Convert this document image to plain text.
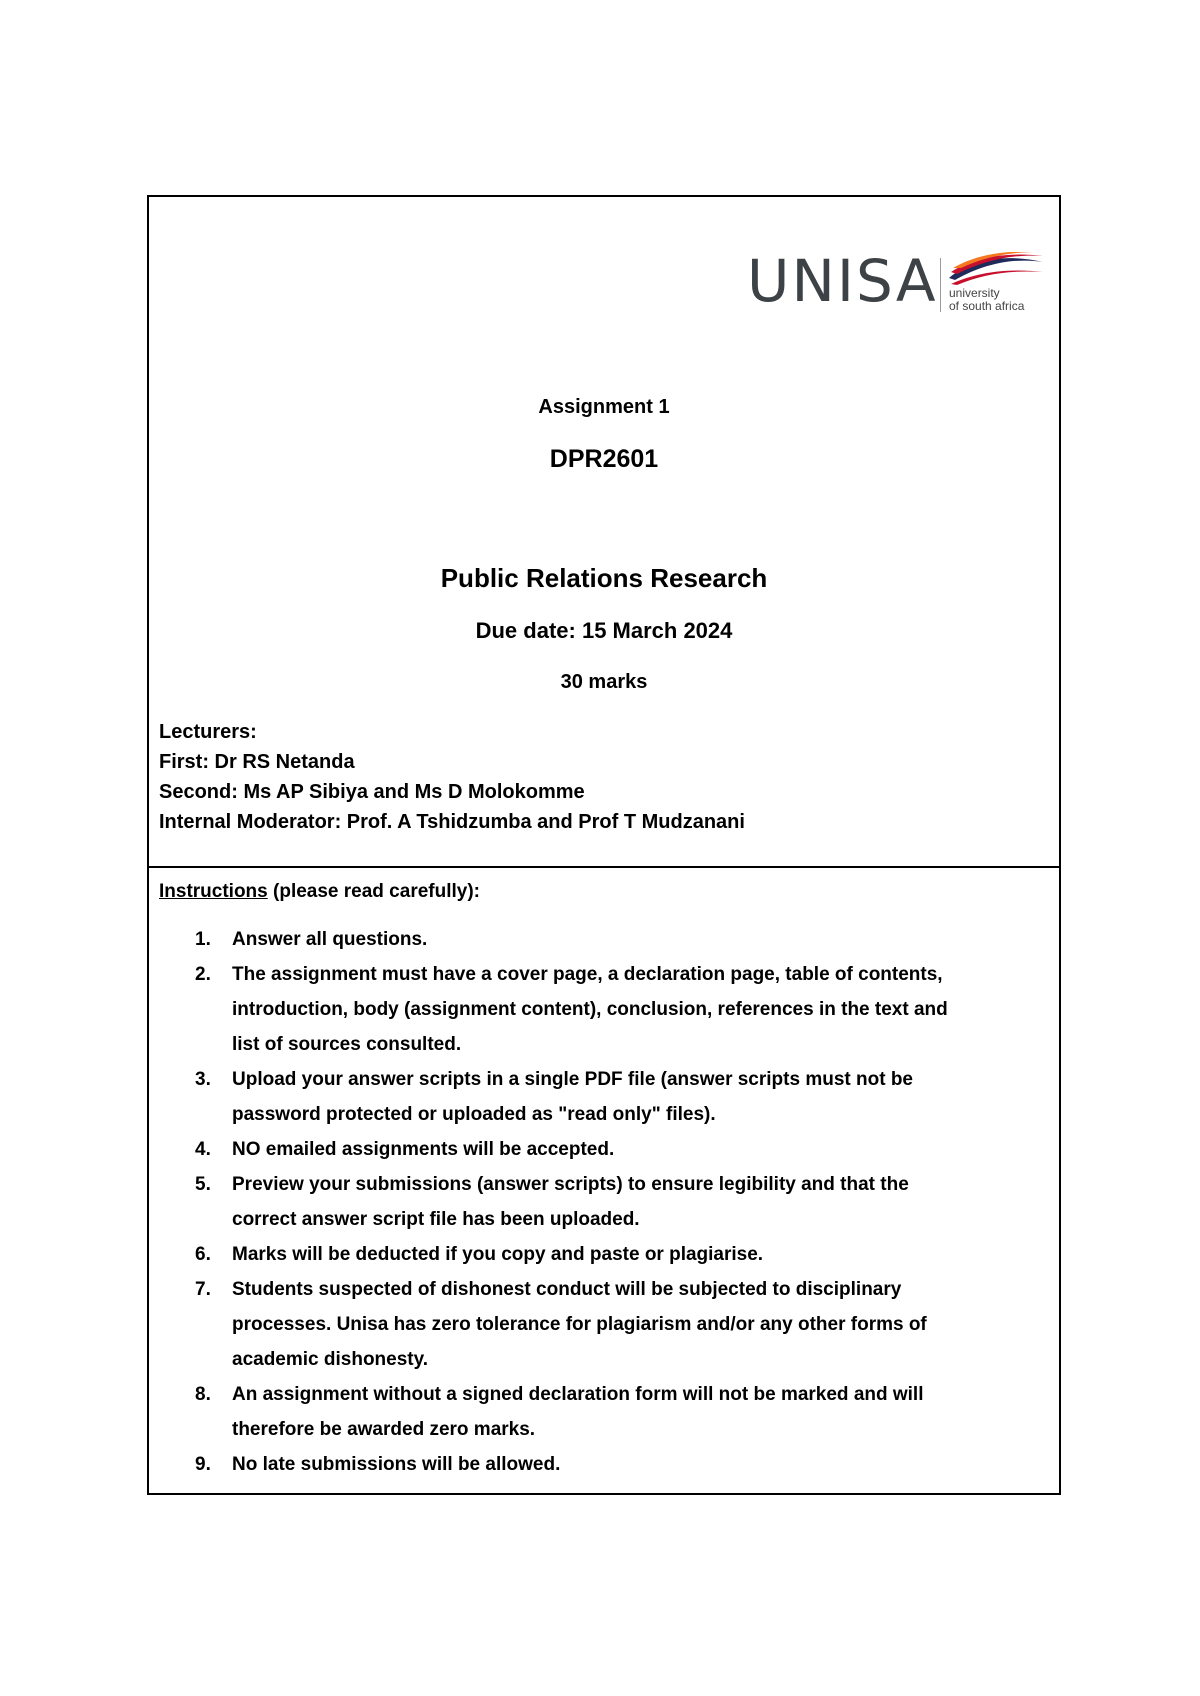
UNISA university
of south africa
Assignment 1
DPR2601
Public Relations Research
Due date: 15 March 2024
30 marks
Lecturers:
First: Dr RS Netanda
Second: Ms AP Sibiya and Ms D Molokomme
Internal Moderator: Prof. A Tshidzumba and Prof T Mudzanani
Instructions (please read carefully):
1. Answer all questions.
2. The assignment must have a cover page, a declaration page, table of contents, introduction, body (assignment content), conclusion, references in the text and list of sources consulted.
3. Upload your answer scripts in a single PDF file (answer scripts must not be password protected or uploaded as "read only" files).
4. NO emailed assignments will be accepted.
5. Preview your submissions (answer scripts) to ensure legibility and that the correct answer script file has been uploaded.
6. Marks will be deducted if you copy and paste or plagiarise.
7. Students suspected of dishonest conduct will be subjected to disciplinary processes. Unisa has zero tolerance for plagiarism and/or any other forms of academic dishonesty.
8. An assignment without a signed declaration form will not be marked and will therefore be awarded zero marks.
9. No late submissions will be allowed.
